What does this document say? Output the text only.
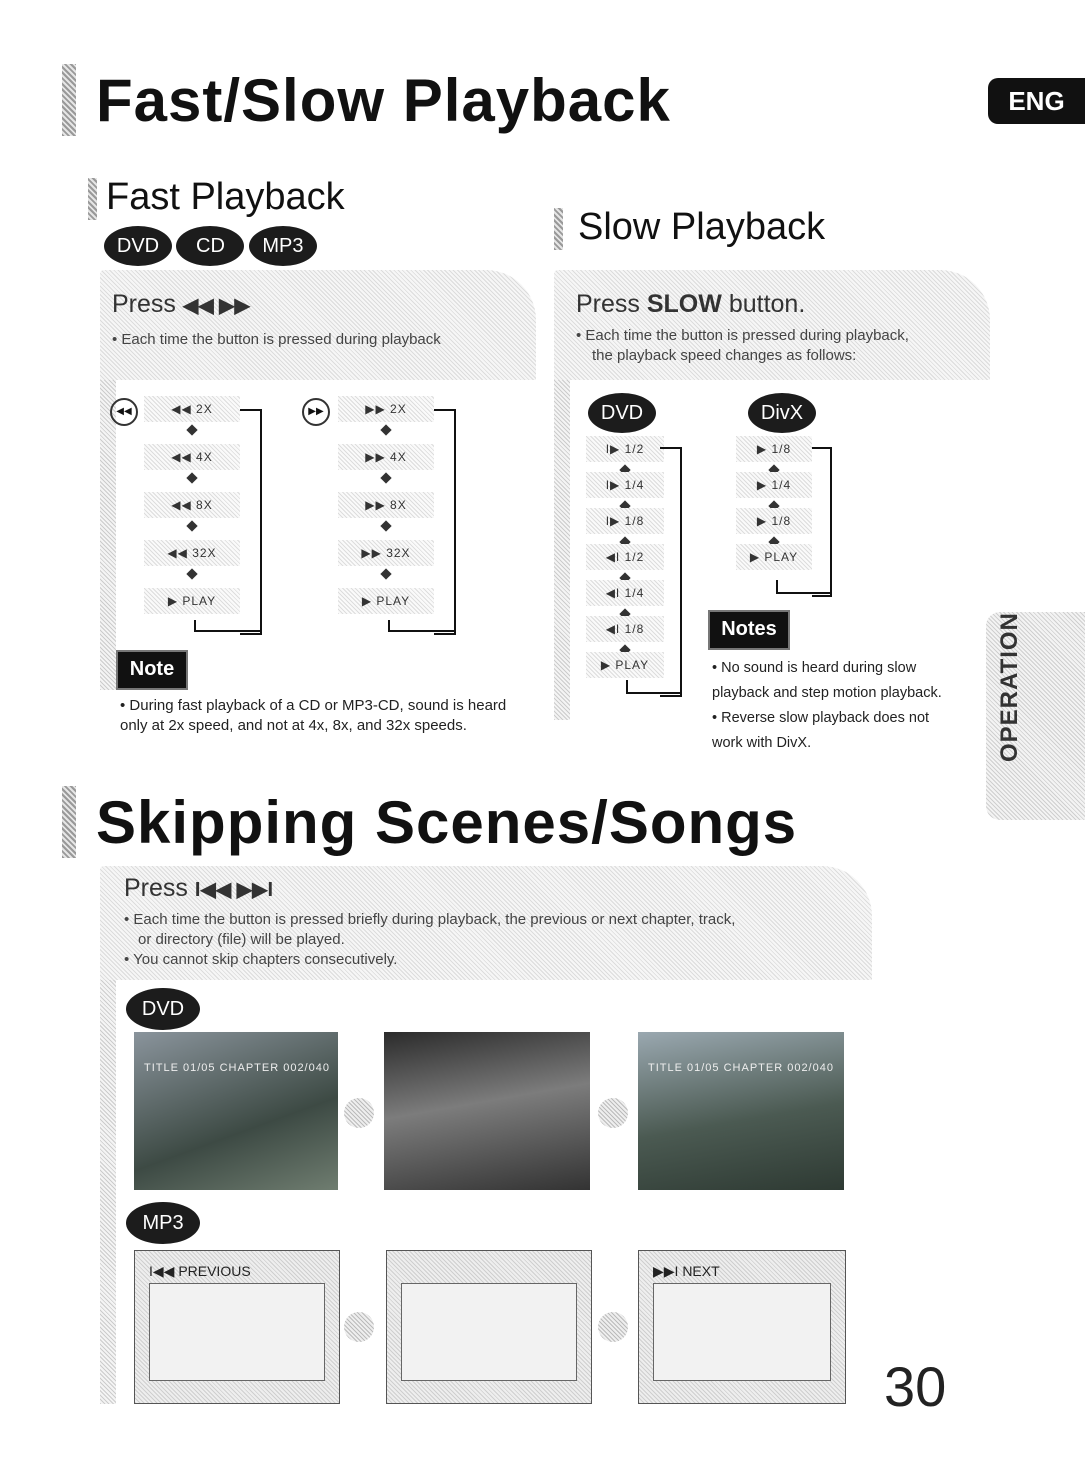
Fast/Slow Playback	ENG
Fast Playback
DVD CD MP3
Press ◀◀ ▶▶
• Each time the button is pressed during playback
◀◀	◀◀ 2X
◀◀ 4X
◀◀ 8X
◀◀ 32X
▶ PLAY
▶▶	▶▶ 2X
▶▶ 4X
▶▶ 8X
▶▶ 32X
▶ PLAY
Note
• During fast playback of a CD or MP3-CD, sound is heard only at 2x speed, and not at 4x, 8x, and 32x speeds.
Slow Playback
Press SLOW button.
• Each time the button is pressed during playback,
the playback speed changes as follows:
DVD	DivX
I▶ 1/2
I▶ 1/4
I▶ 1/8
◀I 1/2
◀I 1/4
◀I 1/8
▶ PLAY
▶ 1/8
▶ 1/4
▶ 1/8
▶ PLAY
Notes
• No sound is heard during slow playback and step motion playback.
• Reverse slow playback does not work with DivX.	OPERATION
Skipping Scenes/Songs
Press I◀◀ ▶▶I
• Each time the button is pressed briefly during playback, the previous or next chapter, track,
or directory (file) will be played.
• You cannot skip chapters consecutively.
DVD
TITLE 01/05 CHAPTER 002/040	TITLE 01/05 CHAPTER 002/040
MP3
I◀◀ PREVIOUS	▶▶I NEXT
30
